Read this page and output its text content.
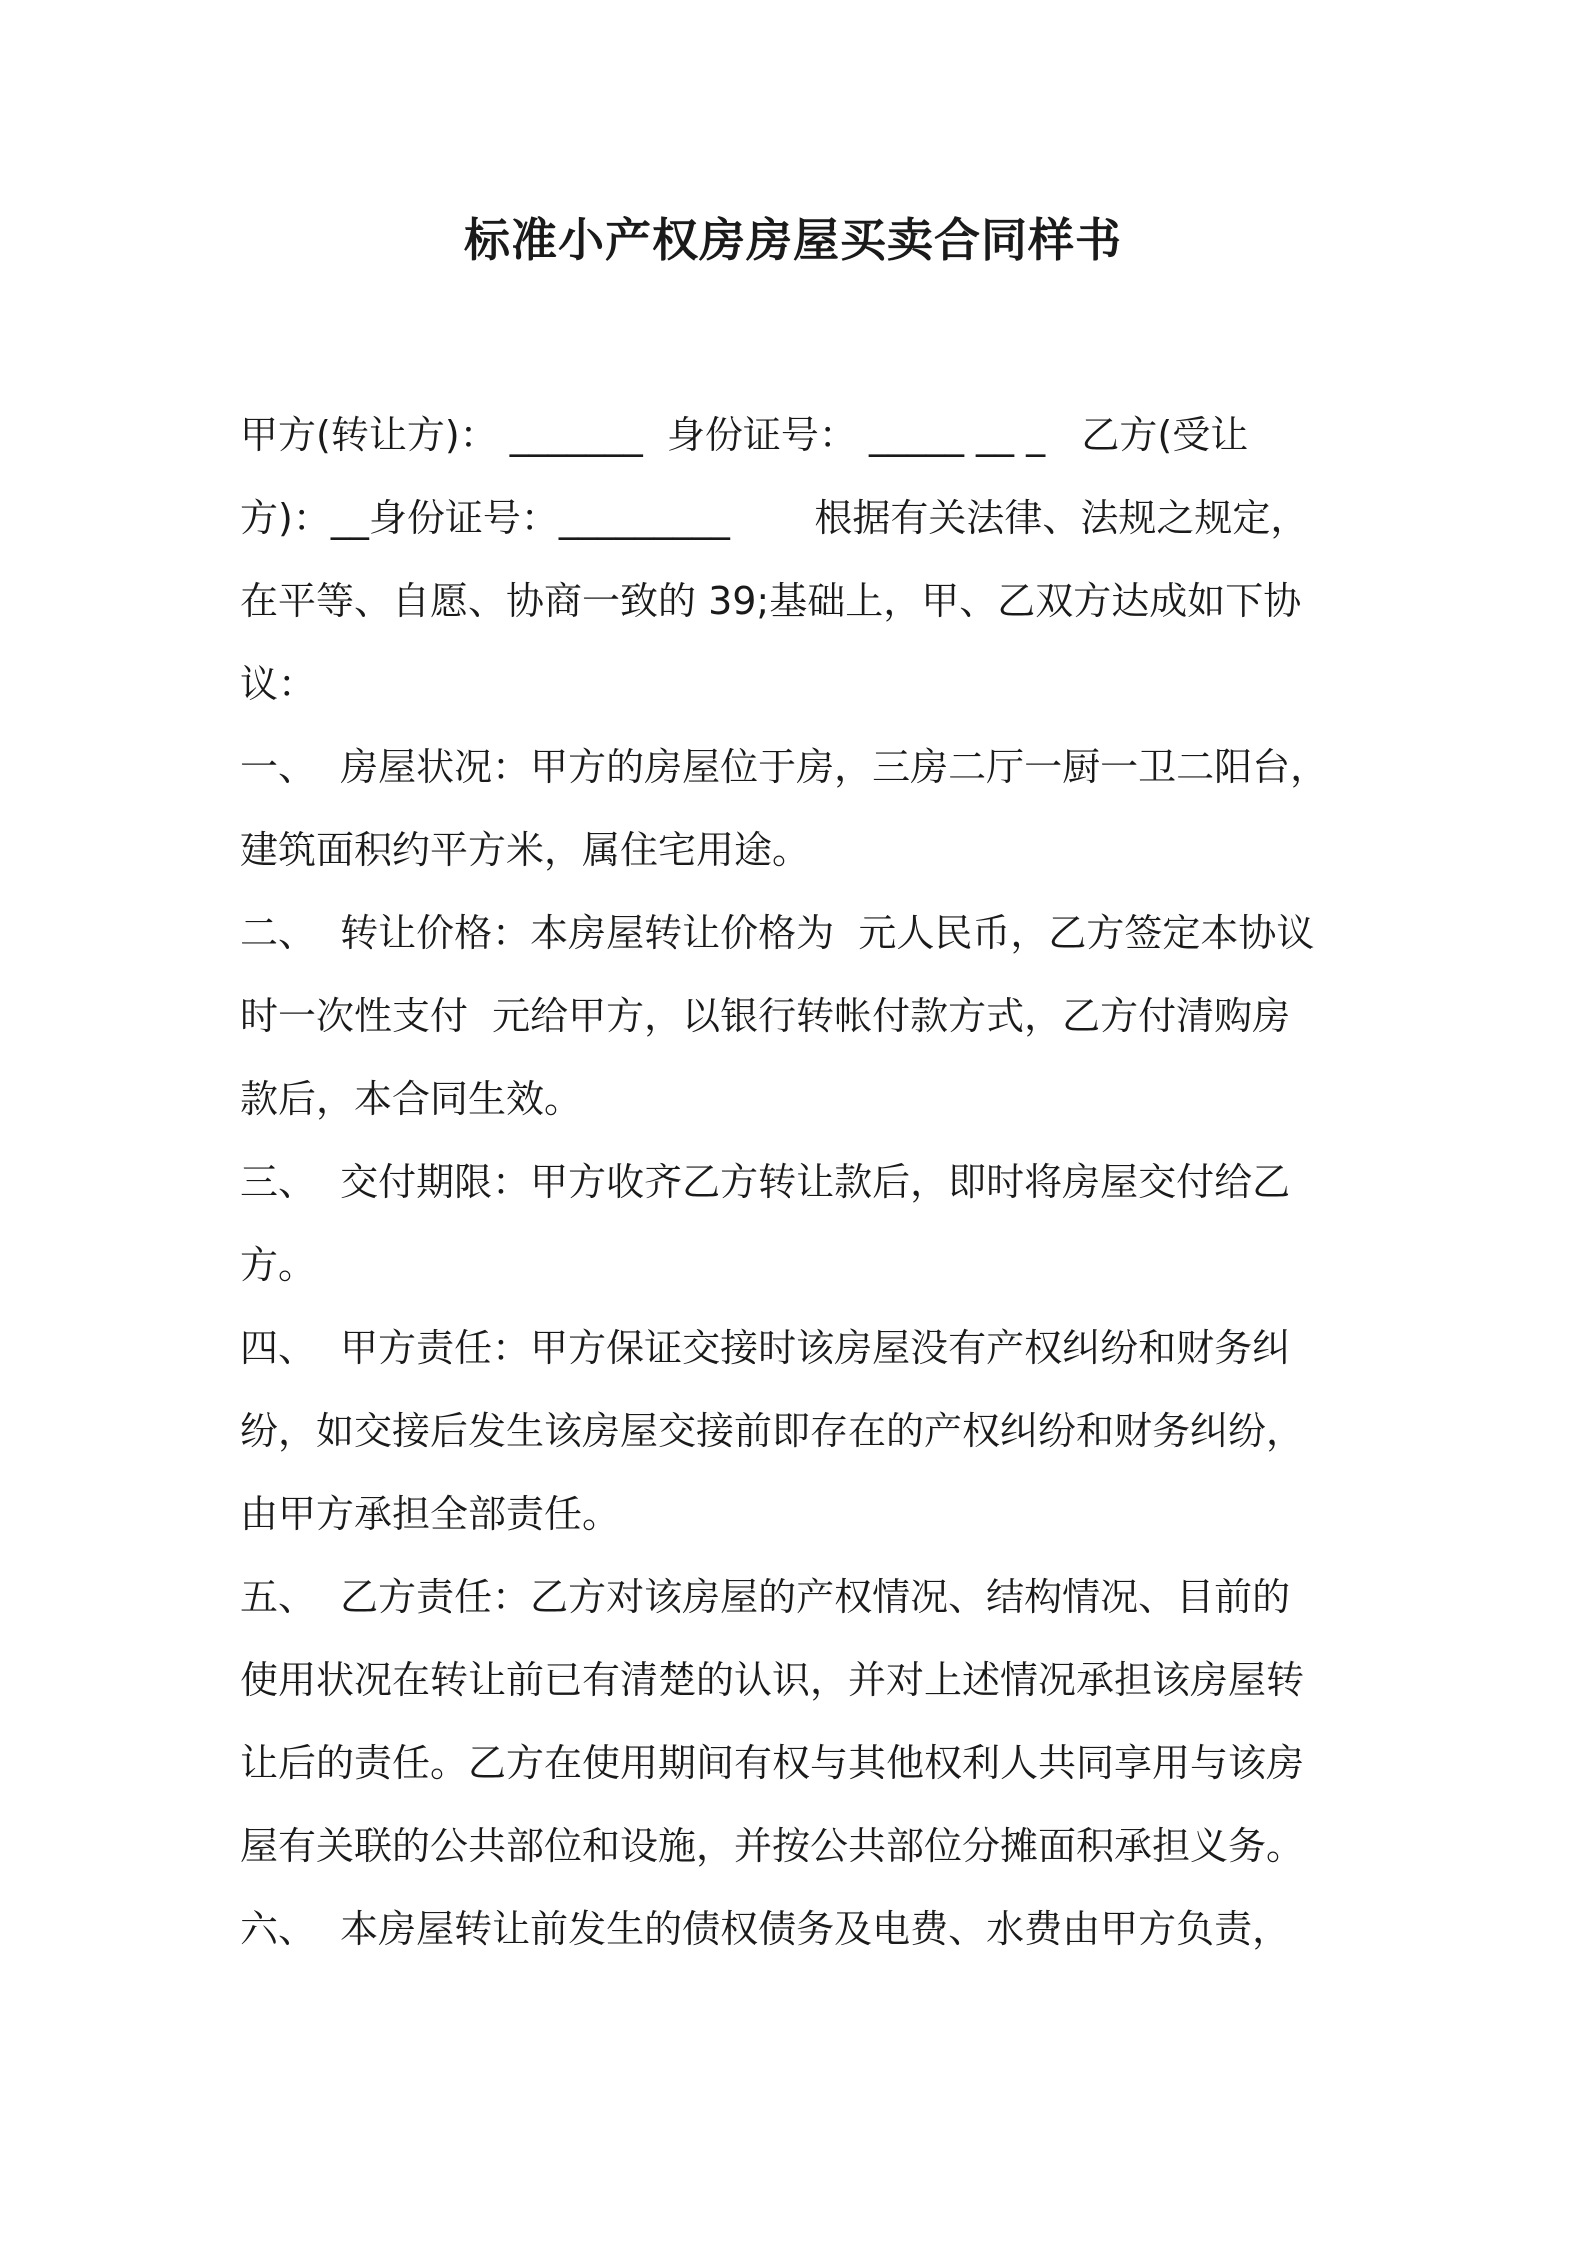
标准小产权房房屋买卖合同样书

甲方(转让方)： _______  身份证号： _____ __ _   乙方(受让

方)：__身份证号：_________       根据有关法律、法规之规定，

在平等、自愿、协商一致的 39;基础上，甲、乙双方达成如下协

议：

一、  房屋状况：甲方的房屋位于房，三房二厅一厨一卫二阳台，

建筑面积约平方米，属住宅用途。

二、  转让价格：本房屋转让价格为  元人民币，乙方签定本协议

时一次性支付  元给甲方，以银行转帐付款方式，乙方付清购房

款后，本合同生效。

三、  交付期限：甲方收齐乙方转让款后，即时将房屋交付给乙

方。

四、  甲方责任：甲方保证交接时该房屋没有产权纠纷和财务纠

纷，如交接后发生该房屋交接前即存在的产权纠纷和财务纠纷，

由甲方承担全部责任。

五、  乙方责任：乙方对该房屋的产权情况、结构情况、目前的

使用状况在转让前已有清楚的认识，并对上述情况承担该房屋转

让后的责任。乙方在使用期间有权与其他权利人共同享用与该房

屋有关联的公共部位和设施，并按公共部位分摊面积承担义务。

六、  本房屋转让前发生的债权债务及电费、水费由甲方负责，
